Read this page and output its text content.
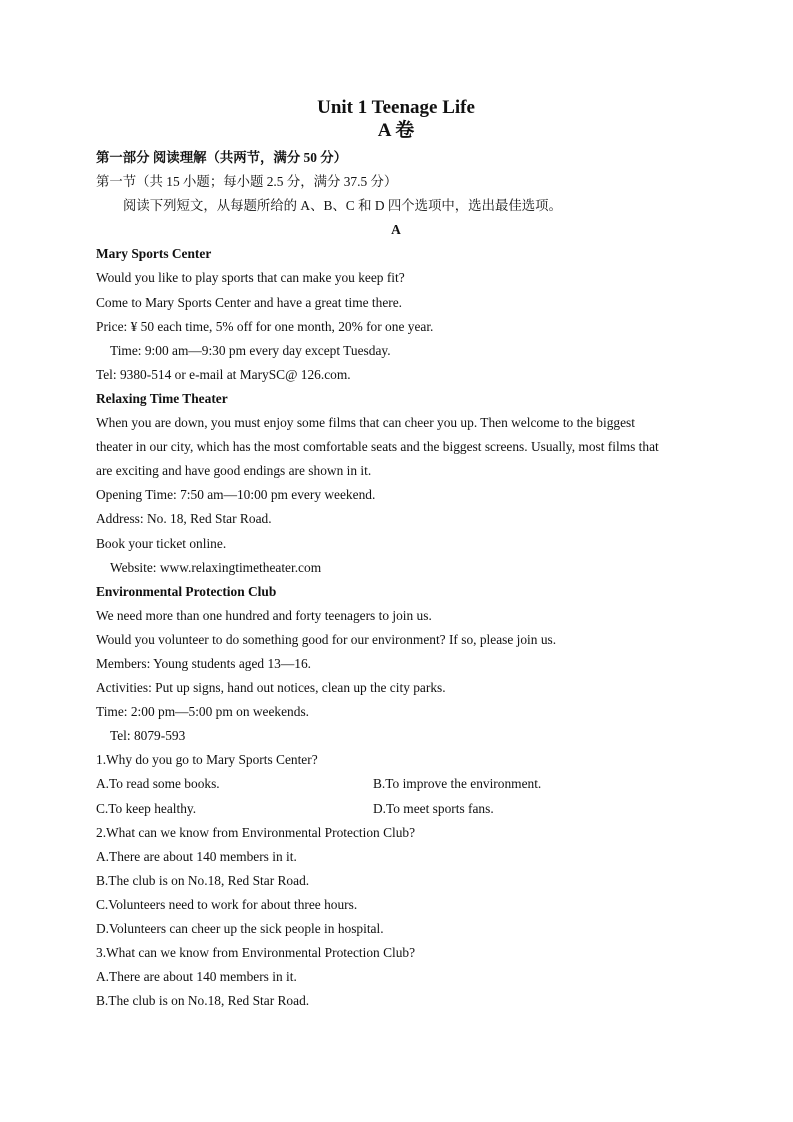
Unit 1 Teenage Life
A 卷
第一部分 阅读理解（共两节，满分 50 分）
第一节（共 15 小题；每小题 2.5 分，满分 37.5 分）
阅读下列短文，从每题所给的 A、B、C 和 D 四个选项中，选出最佳选项。
A
Mary Sports Center
Would you like to play sports that can make you keep fit?
Come to Mary Sports Center and have a great time there.
Price: ¥ 50 each time, 5% off for one month, 20% for one year.
Time: 9:00 am—9:30 pm every day except Tuesday.
Tel: 9380-514 or e-mail at MarySC@ 126.com.
Relaxing Time Theater
When you are down, you must enjoy some films that can cheer you up. Then welcome to the biggest
theater in our city, which has the most comfortable seats and the biggest screens. Usually, most films that
are exciting and have good endings are shown in it.
Opening Time: 7:50 am—10:00 pm every weekend.
Address: No. 18, Red Star Road.
Book your ticket online.
Website: www.relaxingtimetheater.com
Environmental Protection Club
We need more than one hundred and forty teenagers to join us.
Would you volunteer to do something good for our environment? If so, please join us.
Members: Young students aged 13—16.
Activities: Put up signs, hand out notices, clean up the city parks.
Time: 2:00 pm—5:00 pm on weekends.
Tel: 8079-593
1.Why do you go to Mary Sports Center?
A.To read some books.	B.To improve the environment.
C.To keep healthy.	D.To meet sports fans.
2.What can we know from Environmental Protection Club?
A.There are about 140 members in it.
B.The club is on No.18, Red Star Road.
C.Volunteers need to work for about three hours.
D.Volunteers can cheer up the sick people in hospital.
3.What can we know from Environmental Protection Club?
A.There are about 140 members in it.
B.The club is on No.18, Red Star Road.
